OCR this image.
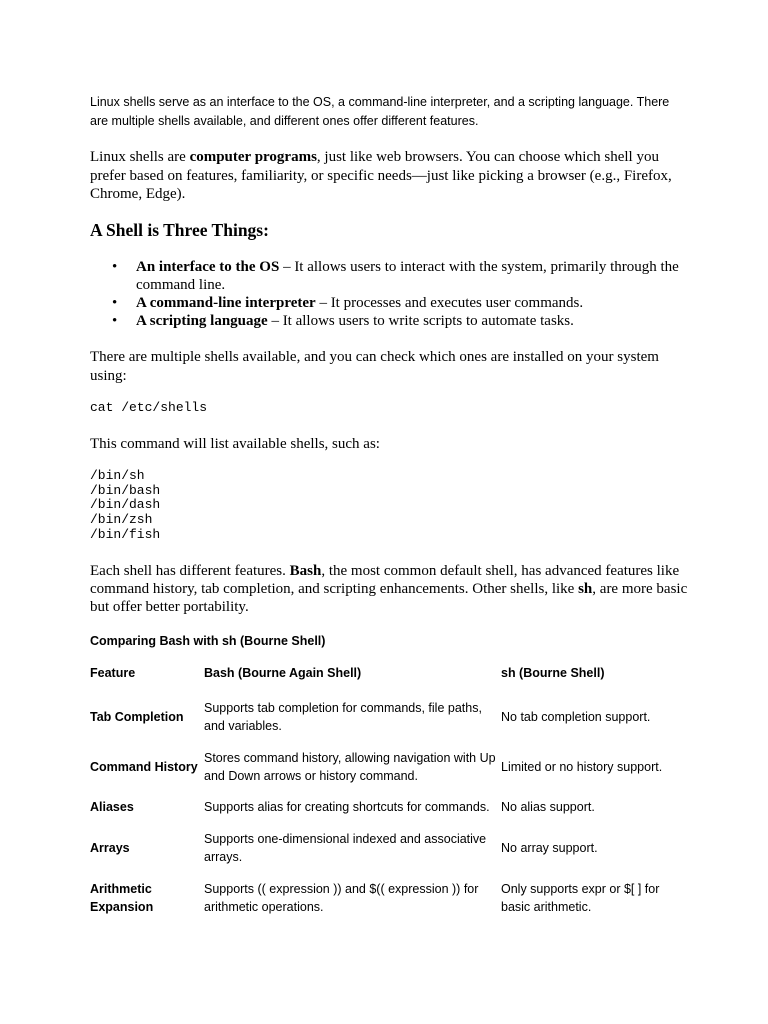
Linux shells serve as an interface to the OS, a command-line interpreter, and a scripting language. There are multiple shells available, and different ones offer different features.

Linux shells are computer programs, just like web browsers. You can choose which shell you prefer based on features, familiarity, or specific needs—just like picking a browser (e.g., Firefox, Chrome, Edge).

A Shell is Three Things:
• An interface to the OS – It allows users to interact with the system, primarily through the command line.
• A command-line interpreter – It processes and executes user commands.
• A scripting language – It allows users to write scripts to automate tasks.

There are multiple shells available, and you can check which ones are installed on your system using:

cat /etc/shells

This command will list available shells, such as:

/bin/sh
/bin/bash
/bin/dash
/bin/zsh
/bin/fish

Each shell has different features. Bash, the most common default shell, has advanced features like command history, tab completion, and scripting enhancements. Other shells, like sh, are more basic but offer better portability.

Comparing Bash with sh (Bourne Shell)
Feature	Bash (Bourne Again Shell)	sh (Bourne Shell)
Tab Completion	Supports tab completion for commands, file paths, and variables.	No tab completion support.
Command History	Stores command history, allowing navigation with Up and Down arrows or history command.	Limited or no history support.
Aliases	Supports alias for creating shortcuts for commands.	No alias support.
Arrays	Supports one-dimensional indexed and associative arrays.	No array support.
Arithmetic Expansion	Supports (( expression )) and $(( expression )) for arithmetic operations.	Only supports expr or $[ ] for basic arithmetic.
